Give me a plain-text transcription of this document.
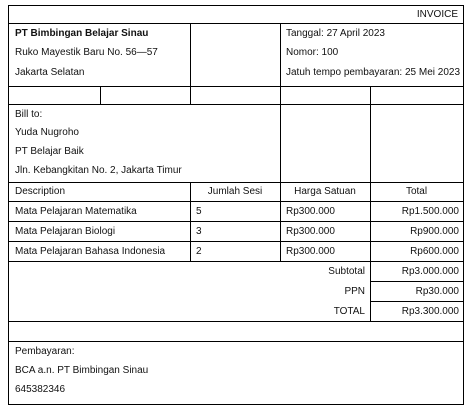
INVOICE
PT Bimbingan Belajar Sinau
Ruko Mayestik Baru No. 56—57
Jakarta Selatan
Tanggal: 27 April 2023
Nomor: 100
Jatuh tempo pembayaran: 25 Mei 2023
Bill to:
Yuda Nugroho
PT Belajar Baik
Jln. Kebangkitan No. 2, Jakarta Timur
Description	Jumlah Sesi	Harga Satuan	Total
Mata Pelajaran Matematika	5	Rp300.000	Rp1.500.000
Mata Pelajaran Biologi	3	Rp300.000	Rp900.000
Mata Pelajaran Bahasa Indonesia	2	Rp300.000	Rp600.000
Subtotal	Rp3.000.000
PPN	Rp30.000
TOTAL	Rp3.300.000
Pembayaran:
BCA a.n. PT Bimbingan Sinau
645382346
